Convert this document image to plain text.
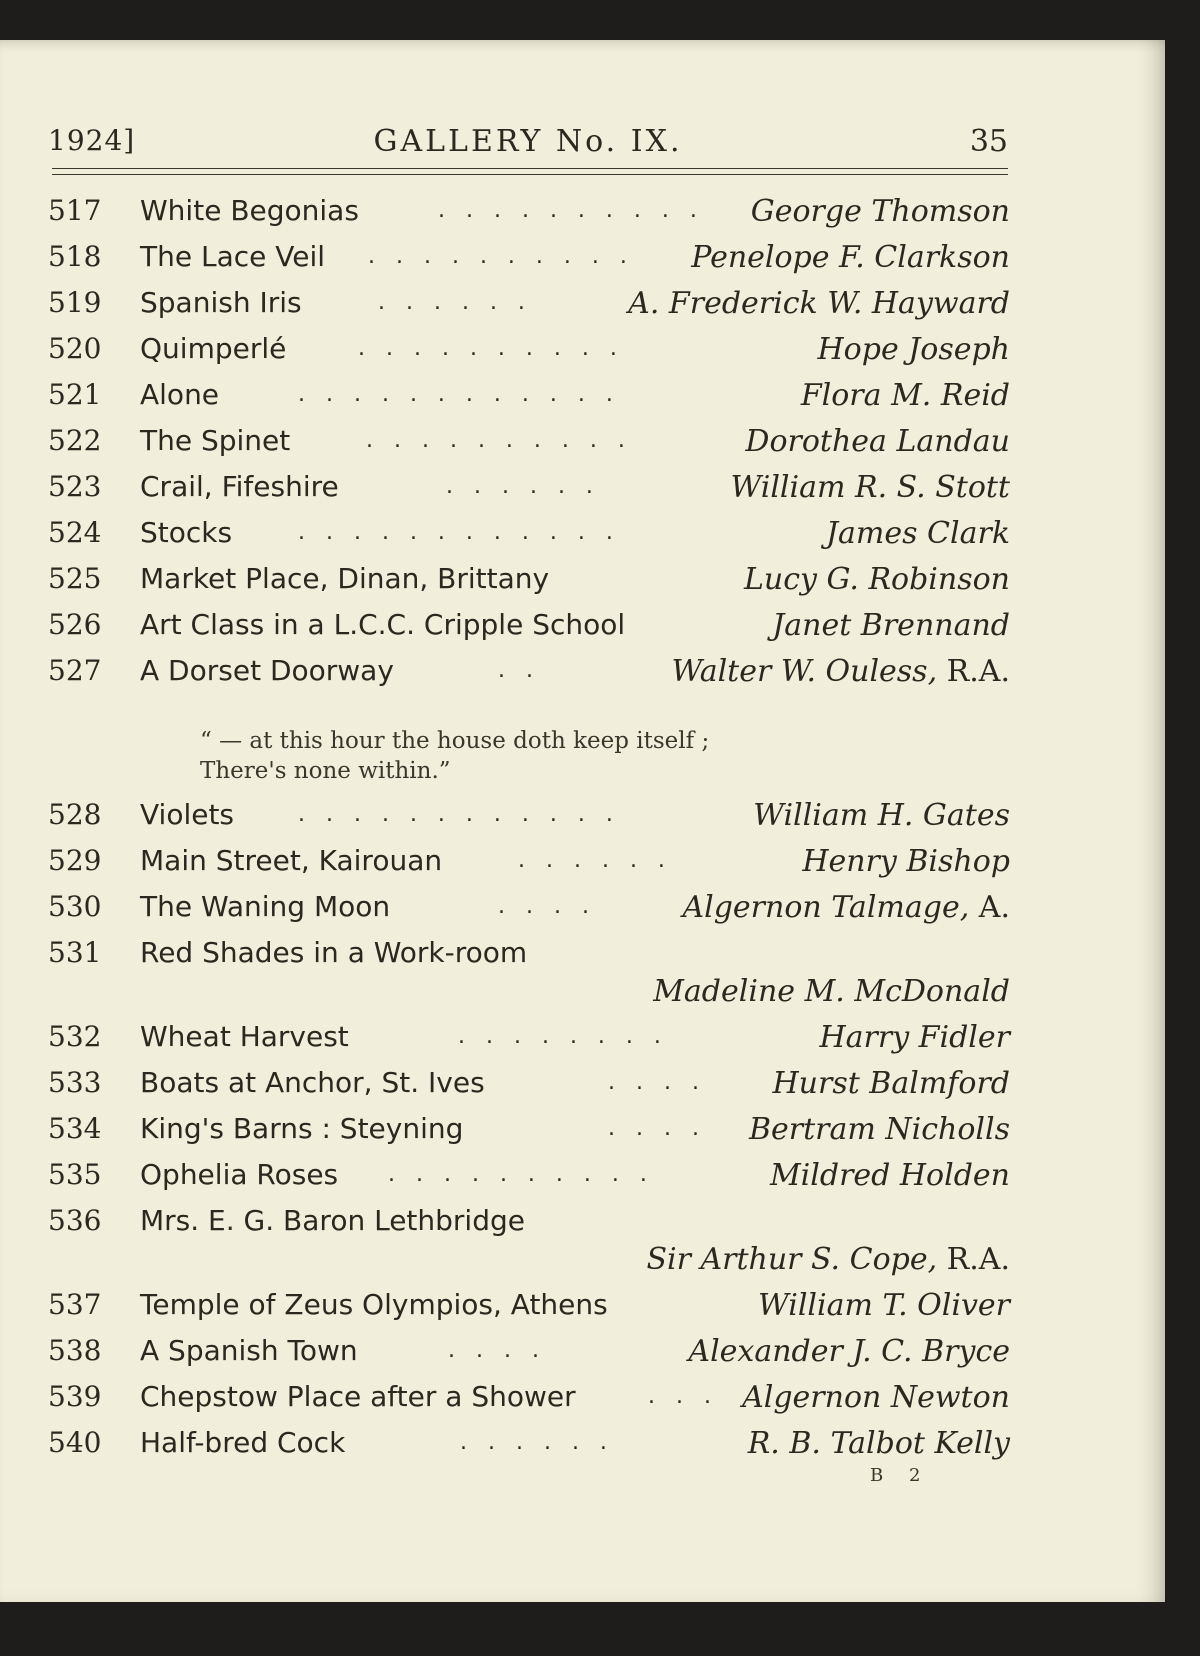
GALLERY No. IX.
1924]	35
517	White Begonias	. . . . . . . . . . George Thomson
518	The Lace Veil . . . . . . . . . . Penelope F. Clarkson
519	Spanish Iris	. . . . . .	A. Frederick W. Hayward
520	Quimperlé	. . . . . . . . . .	Hope Joseph
521	Alone	. . . . . . . . . . . .	Flora M. Reid
522	The Spinet	. . . . . . . . . .	Dorothea Landau
523	Crail, Fifeshire	. . . . . .	William R. S. Stott
524	Stocks	. . . . . . . . . . . .	James Clark
525	Market Place, Dinan, Brittany	Lucy G. Robinson
526	Art Class in a L.C.C. Cripple School	Janet Brennand
527	A Dorset Doorway	. .	Walter W. Ouless, R.A.
“ — at this hour the house doth keep itself ;
There's none within.”
528	Violets	. . . . . . . . . . . .	William H. Gates
529	Main Street, Kairouan	. . . . . .	Henry Bishop
530	The Waning Moon	. . . .	Algernon Talmage, A.
531	Red Shades in a Work-room
Madeline M. McDonald
532	Wheat Harvest	. . . . . . . .	Harry Fidler
533	Boats at Anchor, St. Ives	. . . . Hurst Balmford
534	King's Barns : Steyning	. . . . Bertram Nicholls
535	Ophelia Roses . . . . . . . . . .	Mildred Holden
536	Mrs. E. G. Baron Lethbridge
Sir Arthur S. Cope, R.A.
537	Temple of Zeus Olympios, Athens	William T. Oliver
538	A Spanish Town	. . . .	Alexander J. C. Bryce
539	Chepstow Place after a Shower	. . . Algernon Newton
540	Half-bred Cock	. . . . . .	R. B. Talbot Kelly
B 2
